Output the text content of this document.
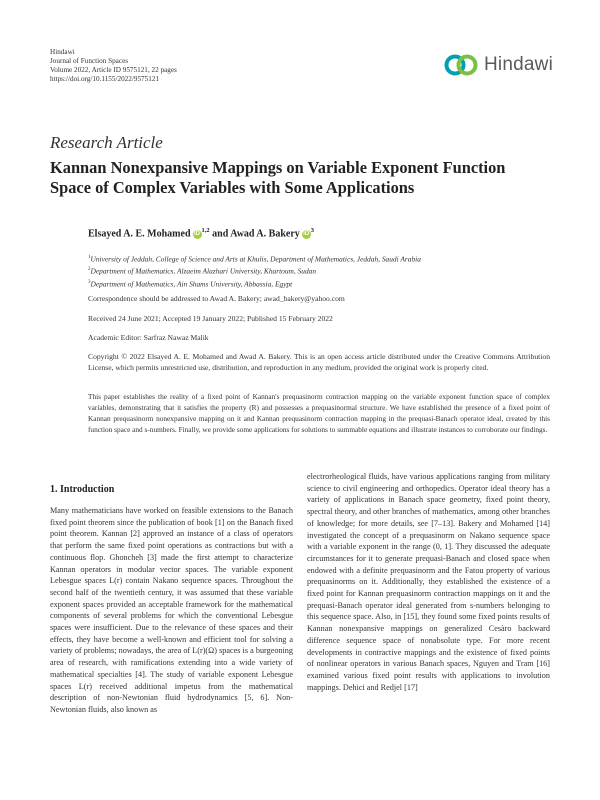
Hindawi
Journal of Function Spaces
Volume 2022, Article ID 9575121, 22 pages
https://doi.org/10.1155/2022/9575121
Hindawi
Research Article
Kannan Nonexpansive Mappings on Variable Exponent Function Space of Complex Variables with Some Applications
Elsayed A. E. Mohamed iD$^{1,2}$ and Awad A. Bakery $iD^3$
$^1$University of Jeddah, College of Science and Arts at Khulis, Department of Mathematics, Jeddah, Saudi Arabia
$^2$Department of Mathematics, Alzaeim Alazhari University, Khartoum, Sudan
$^3$Department of Mathematics, Ain Shams University, Abbassia, Egypt
Correspondence should be addressed to Awad A. Bakery; awad_bakery@yahoo.com
Received 24 June 2021; Accepted 19 January 2022; Published 15 February 2022
Academic Editor: Sarfraz Nawaz Malik
Copyright © 2022 Elsayed A. E. Mohamed and Awad A. Bakery. This is an open access article distributed under the Creative Commons Attribution License, which permits unrestricted use, distribution, and reproduction in any medium, provided the original work is properly cited.
This paper establishes the reality of a fixed point of Kannan's prequasinorm contraction mapping on the variable exponent function space of complex variables, demonstrating that it satisfies the property (R) and possesses a prequasinormal structure. We have established the presence of a fixed point of Kannan prequasinorm nonexpansive mapping on it and Kannan prequasinorm contraction mapping in the prequasi-Banach operator ideal, created by this function space and s-numbers. Finally, we provide some applications for solutions to summable equations and illustrate instances to corroborate our findings.
1. Introduction
Many mathematicians have worked on feasible extensions to the Banach fixed point theorem since the publication of book [1] on the Banach fixed point theorem. Kannan [2] approved an instance of a class of operators that perform the same fixed point operations as contractions but with a continuous flop. Ghoncheh [3] made the first attempt to characterize Kannan operators in modular vector spaces. The variable exponent Lebesgue spaces L(r) contain Nakano sequence spaces. Throughout the second half of the twentieth century, it was assumed that these variable exponent spaces provided an acceptable framework for the mathematical components of several problems for which the conventional Lebesgue spaces were insufficient. Due to the relevance of these spaces and their effects, they have become a well-known and efficient tool for solving a variety of problems; nowadays, the area of L(r)(Ω) spaces is a burgeoning area of research, with ramifications extending into a wide variety of mathematical specialties [4]. The study of variable exponent Lebesgue spaces L(r) received additional impetus from the mathematical description of non-Newtonian fluid hydrodynamics [5, 6]. Non-Newtonian fluids, also known as
electrorheological fluids, have various applications ranging from military science to civil engineering and orthopedics. Operator ideal theory has a variety of applications in Banach space geometry, fixed point theory, spectral theory, and other branches of mathematics, among other branches of knowledge; for more details, see [7–13]. Bakery and Mohamed [14] investigated the concept of a prequasinorm on Nakano sequence space with a variable exponent in the range (0, 1]. They discussed the adequate circumstances for it to generate prequasi-Banach and closed space when endowed with a definite prequasinorm and the Fatou property of various prequasinorms on it. Additionally, they established the existence of a fixed point for Kannan prequasinorm contraction mappings on it and the prequasi-Banach operator ideal generated from s-numbers belonging to this sequence space. Also, in [15], they found some fixed points results of Kannan nonexpansive mappings on generalized Cesàro backward difference sequence space of nonabsolute type. For more recent developments in contractive mappings and the existence of fixed points of nonlinear operators in various Banach spaces, Nguyen and Tram [16] examined various fixed point results with applications to involution mappings. Dehici and Redjel [17]
